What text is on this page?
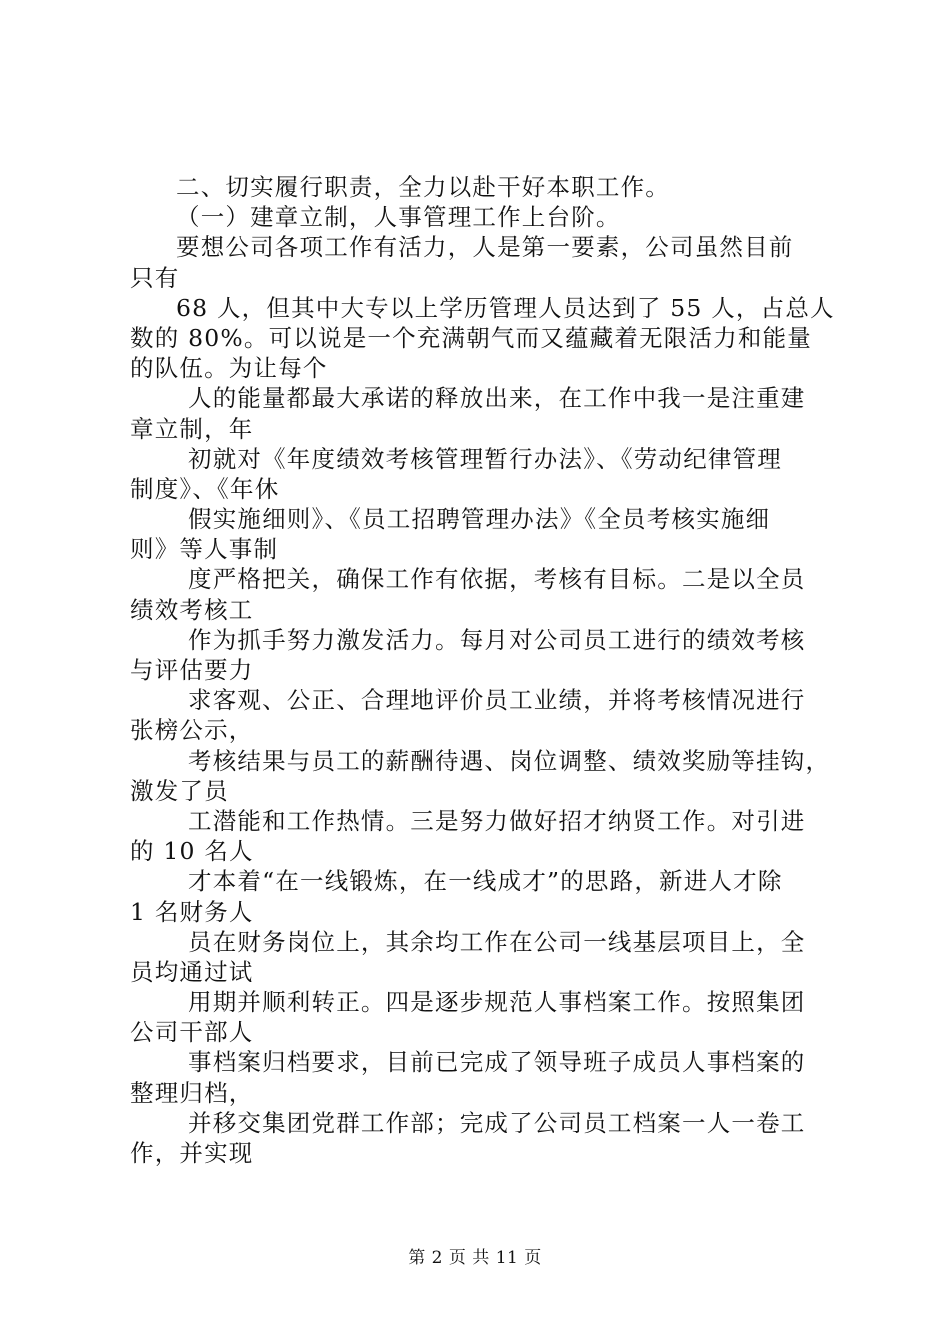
二、切实履行职责，全力以赴干好本职工作。
（一）建章立制，人事管理工作上台阶。
要想公司各项工作有活力，人是第一要素，公司虽然目前
只有
68 人，但其中大专以上学历管理人员达到了 55 人，占总人
数的 80%。可以说是一个充满朝气而又蕴藏着无限活力和能量
的队伍。为让每个
人的能量都最大承诺的释放出来，在工作中我一是注重建
章立制，年
初就对《年度绩效考核管理暂行办法》、《劳动纪律管理
制度》、《年休
假实施细则》、《员工招聘管理办法》《全员考核实施细
则》等人事制
度严格把关，确保工作有依据，考核有目标。二是以全员
绩效考核工
作为抓手努力激发活力。每月对公司员工进行的绩效考核
与评估要力
求客观、公正、合理地评价员工业绩，并将考核情况进行
张榜公示，
考核结果与员工的薪酬待遇、岗位调整、绩效奖励等挂钩，
激发了员
工潜能和工作热情。三是努力做好招才纳贤工作。对引进
的 10 名人
才本着“在一线锻炼，在一线成才”的思路，新进人才除
1 名财务人
员在财务岗位上，其余均工作在公司一线基层项目上，全
员均通过试
用期并顺利转正。四是逐步规范人事档案工作。按照集团
公司干部人
事档案归档要求，目前已完成了领导班子成员人事档案的
整理归档，
并移交集团党群工作部；完成了公司员工档案一人一卷工
作，并实现
第 2 页 共 11 页
